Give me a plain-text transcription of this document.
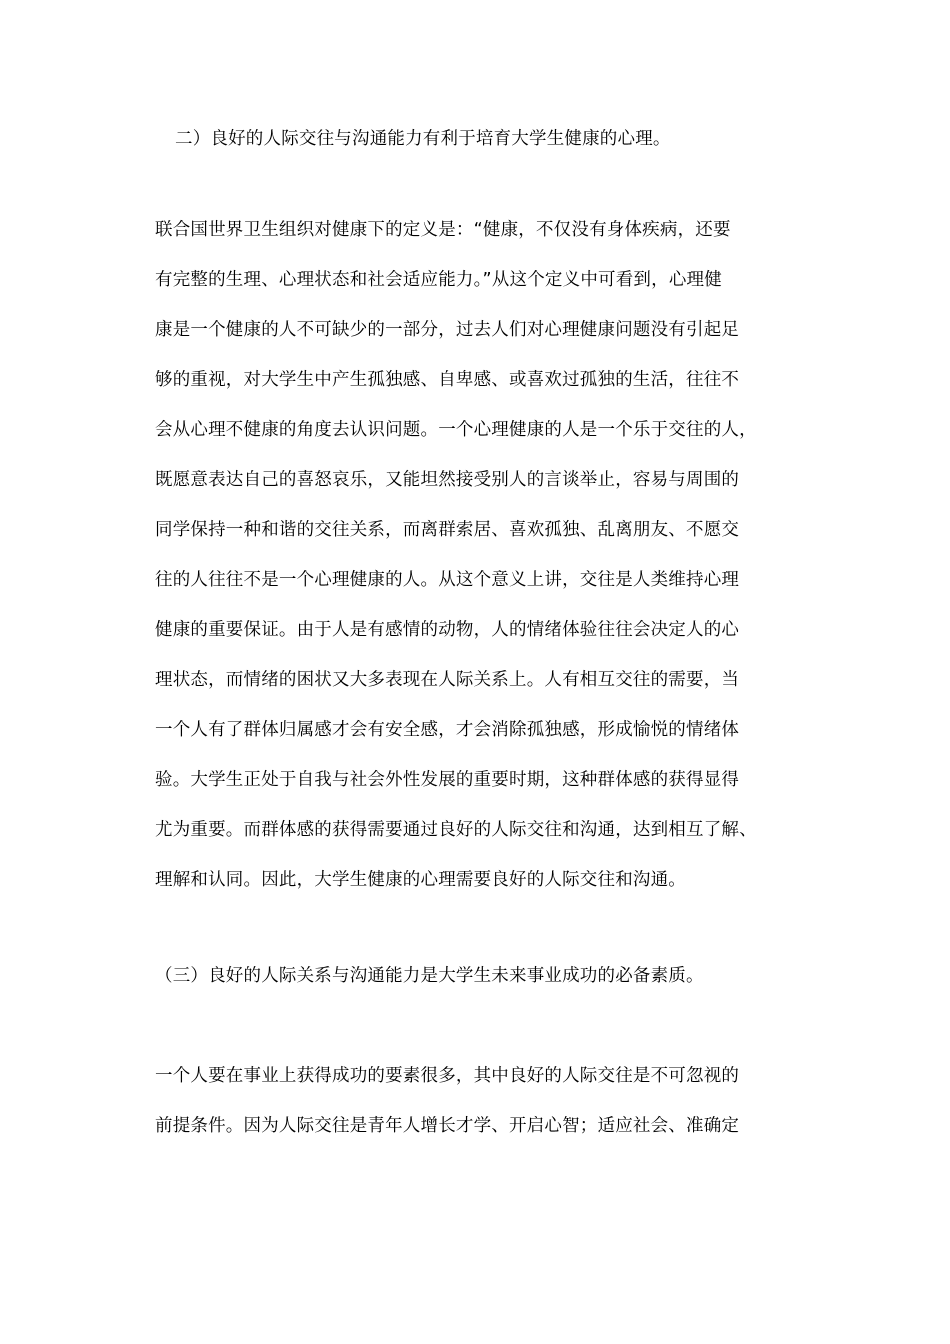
二）良好的人际交往与沟通能力有利于培育大学生健康的心理。
联合国世界卫生组织对健康下的定义是：“健康，不仅没有身体疾病，还要
有完整的生理、心理状态和社会适应能力。”从这个定义中可看到，心理健
康是一个健康的人不可缺少的一部分，过去人们对心理健康问题没有引起足
够的重视，对大学生中产生孤独感、自卑感、或喜欢过孤独的生活，往往不
会从心理不健康的角度去认识问题。一个心理健康的人是一个乐于交往的人，
既愿意表达自己的喜怒哀乐，又能坦然接受别人的言谈举止，容易与周围的
同学保持一种和谐的交往关系，而离群索居、喜欢孤独、乱离朋友、不愿交
往的人往往不是一个心理健康的人。从这个意义上讲，交往是人类维持心理
健康的重要保证。由于人是有感情的动物，人的情绪体验往往会决定人的心
理状态，而情绪的困状又大多表现在人际关系上。人有相互交往的需要，当
一个人有了群体归属感才会有安全感，才会消除孤独感，形成愉悦的情绪体
验。大学生正处于自我与社会外性发展的重要时期，这种群体感的获得显得
尤为重要。而群体感的获得需要通过良好的人际交往和沟通，达到相互了解、
理解和认同。因此，大学生健康的心理需要良好的人际交往和沟通。
（三）良好的人际关系与沟通能力是大学生未来事业成功的必备素质。
一个人要在事业上获得成功的要素很多，其中良好的人际交往是不可忽视的
前提条件。因为人际交往是青年人增长才学、开启心智；适应社会、准确定
